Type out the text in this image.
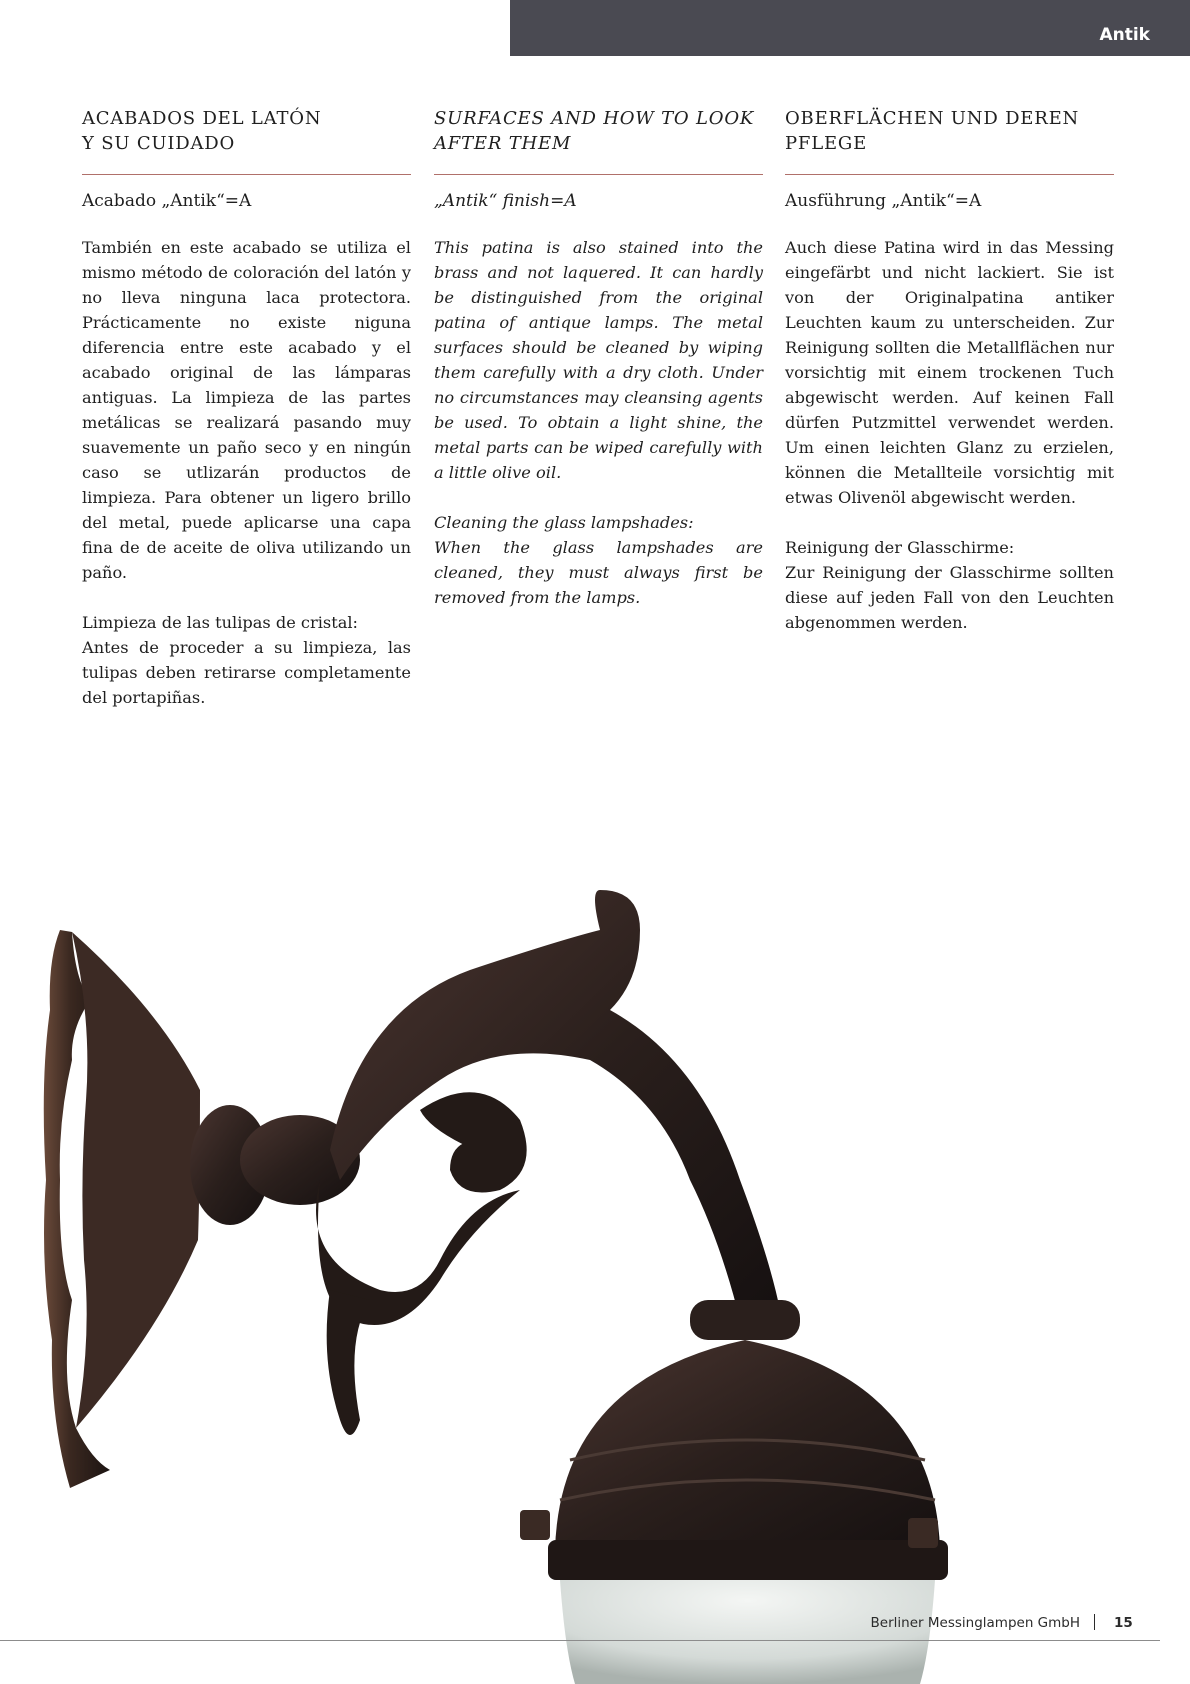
Antik
ACABADOS DEL LATÓN
Y SU CUIDADO

Acabado „Antik“=A

También en este acabado se utiliza el mismo método de coloración del latón y no lleva ninguna laca protectora. Prácticamente no existe niguna diferencia entre este acabado y el acabado original de las lámparas antiguas. La limpieza de las partes metálicas se realizará pasando muy suavemente un paño seco y en ningún caso se utlizarán productos de limpieza. Para obtener un ligero brillo del metal, puede aplicarse una capa fina de de aceite de oliva utilizando un paño.

Limpieza de las tulipas de cristal:

Antes de proceder a su limpieza, las tulipas deben retirarse completamente del portapiñas.

SURFACES AND HOW TO LOOK
AFTER THEM

„Antik“ finish=A

This patina is also stained into the brass and not laquered. It can hardly be distinguished from the original patina of antique lamps. The metal surfaces should be cleaned by wiping them carefully with a dry cloth. Under no circumstances may cleansing agents be used. To obtain a light shine, the metal parts can be wiped carefully with a little olive oil.

Cleaning the glass lampshades:

When the glass lampshades are cleaned, they must always first be removed from the lamps.

OBERFLÄCHEN UND DEREN
PFLEGE

Ausführung „Antik“=A

Auch diese Patina wird in das Messing eingefärbt und nicht lackiert. Sie ist von der Originalpatina antiker Leuchten kaum zu unterscheiden. Zur Reinigung sollten die Metallflächen nur vorsichtig mit einem trockenen Tuch abgewischt werden. Auf keinen Fall dürfen Putzmittel verwendet werden. Um einen leichten Glanz zu erzielen, können die Metallteile vorsichtig mit etwas Olivenöl abgewischt werden.

Reinigung der Glasschirme:

Zur Reinigung der Glasschirme sollten diese auf jeden Fall von den Leuchten abgenommen werden.

Berliner Messinglampen GmbH	15
